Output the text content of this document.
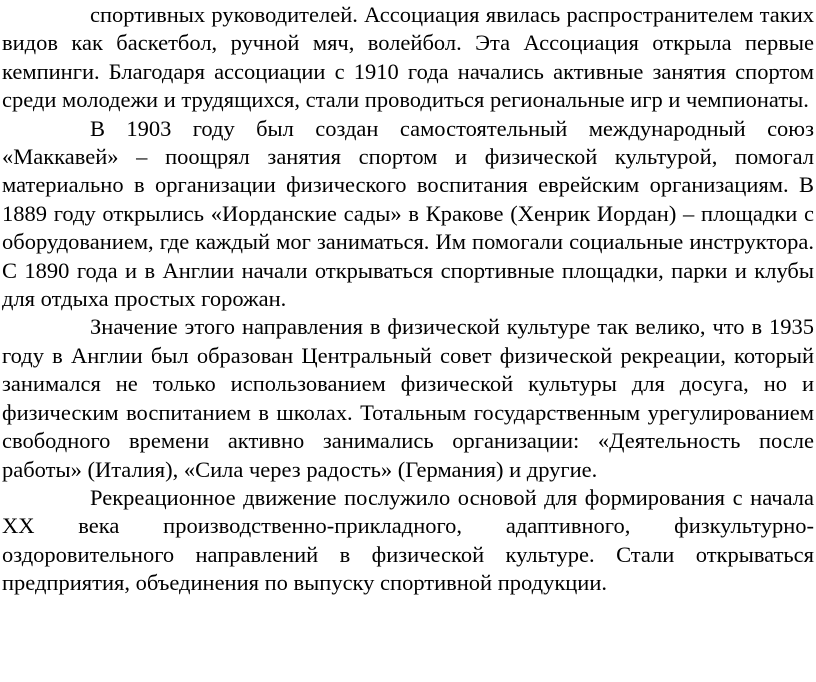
спортивных руководителей. Ассоциация явилась распространителем таких видов как баскетбол, ручной мяч, волейбол. Эта Ассоциация открыла первые кемпинги. Благодаря ассоциации с 1910 года начались активные занятия спортом среди молодежи и трудящихся, стали проводиться региональные игр и чемпионаты.

В 1903 году был создан самостоятельный международный союз «Маккавей» – поощрял занятия спортом и физической культурой, помогал материально в организации физического воспитания еврейским организациям. В 1889 году открылись «Иорданские сады» в Кракове (Хенрик Иордан) – площадки с оборудованием, где каждый мог заниматься. Им помогали социальные инструктора. С 1890 года и в Англии начали открываться спортивные площадки, парки и клубы для отдыха простых горожан.

Значение этого направления в физической культуре так велико, что в 1935 году в Англии был образован Центральный совет физической рекреации, который занимался не только использованием физической культуры для досуга, но и физическим воспитанием в школах. Тотальным государственным урегулированием свободного времени активно занимались организации: «Деятельность после работы» (Италия), «Сила через радость» (Германия) и другие.

Рекреационное движение послужило основой для формирования с начала XX века производственно-прикладного, адаптивного, физкультурно-оздоровительного направлений в физической культуре. Стали открываться предприятия, объединения по выпуску спортивной продукции.
